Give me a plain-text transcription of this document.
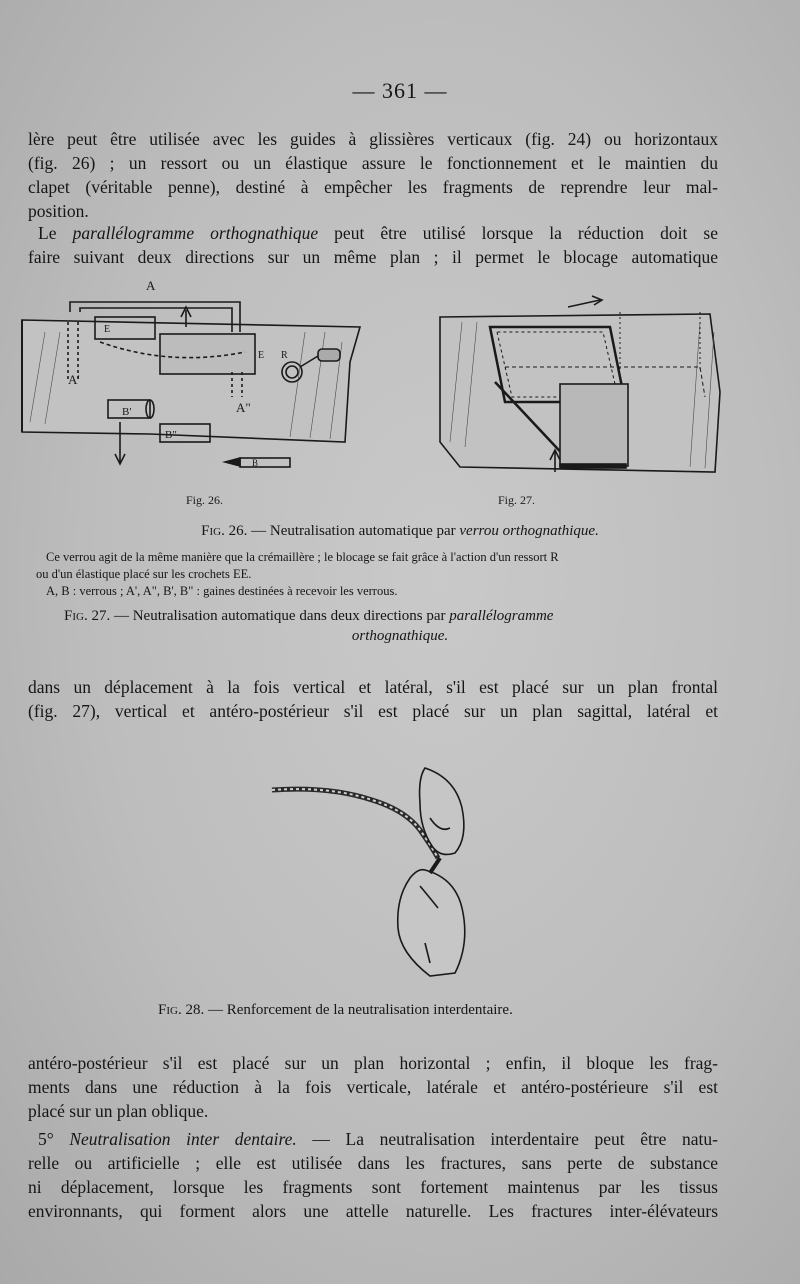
— 361 —
lère peut être utilisée avec les guides à glissières verticaux (fig. 24) ou horizontaux
(fig. 26) ; un ressort ou un élastique assure le fonctionnement et le maintien du
clapet (véritable penne), destiné à empêcher les fragments de reprendre leur mal-
position.
Le parallélogramme orthognathique peut être utilisé lorsque la réduction doit se
faire suivant deux directions sur un même plan ; il permet le blocage automatique
A
A'
A"
B'
B"
E
E R
B
Fig. 26.	Fig. 27.
Fig. 26. — Neutralisation automatique par verrou orthognathique.
Ce verrou agit de la même manière que la crémaillère ; le blocage se fait grâce à l'action d'un ressort R
ou d'un élastique placé sur les crochets EE.
A, B : verrous ; A', A", B', B" : gaines destinées à recevoir les verrous.
Fig. 27. — Neutralisation automatique dans deux directions par parallélogramme
orthognathique.
dans un déplacement à la fois vertical et latéral, s'il est placé sur un plan frontal
(fig. 27), vertical et antéro-postérieur s'il est placé sur un plan sagittal, latéral et
Fig. 28. — Renforcement de la neutralisation interdentaire.
antéro-postérieur s'il est placé sur un plan horizontal ; enfin, il bloque les frag-
ments dans une réduction à la fois verticale, latérale et antéro-postérieure s'il est
placé sur un plan oblique.
5° Neutralisation inter dentaire. — La neutralisation interdentaire peut être natu-
relle ou artificielle ; elle est utilisée dans les fractures, sans perte de substance
ni déplacement, lorsque les fragments sont fortement maintenus par les tissus
environnants, qui forment alors une attelle naturelle. Les fractures inter-élévateurs
